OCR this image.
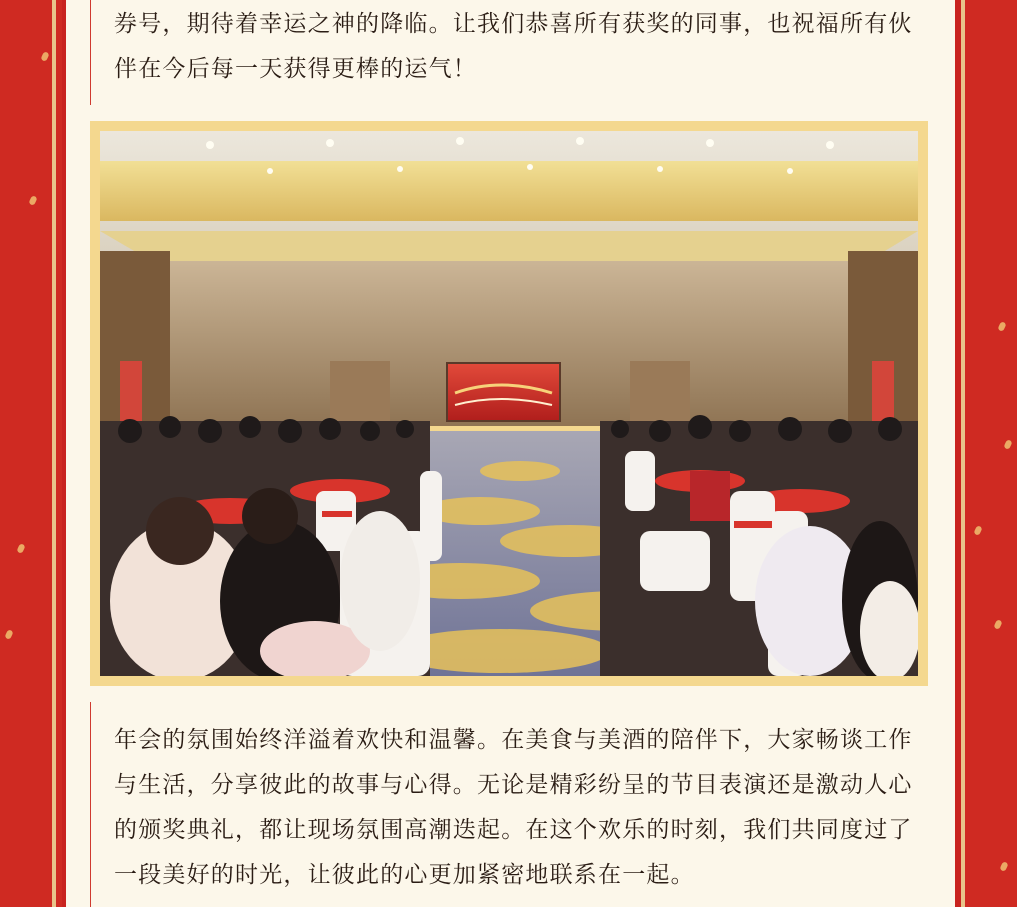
券号，期待着幸运之神的降临。让我们恭喜所有获奖的同事，也祝福所有伙伴在今后每一天获得更棒的运气！

年会的氛围始终洋溢着欢快和温馨。在美食与美酒的陪伴下，大家畅谈工作与生活，分享彼此的故事与心得。无论是精彩纷呈的节目表演还是激动人心的颁奖典礼，都让现场氛围高潮迭起。在这个欢乐的时刻，我们共同度过了一段美好的时光，让彼此的心更加紧密地联系在一起。
